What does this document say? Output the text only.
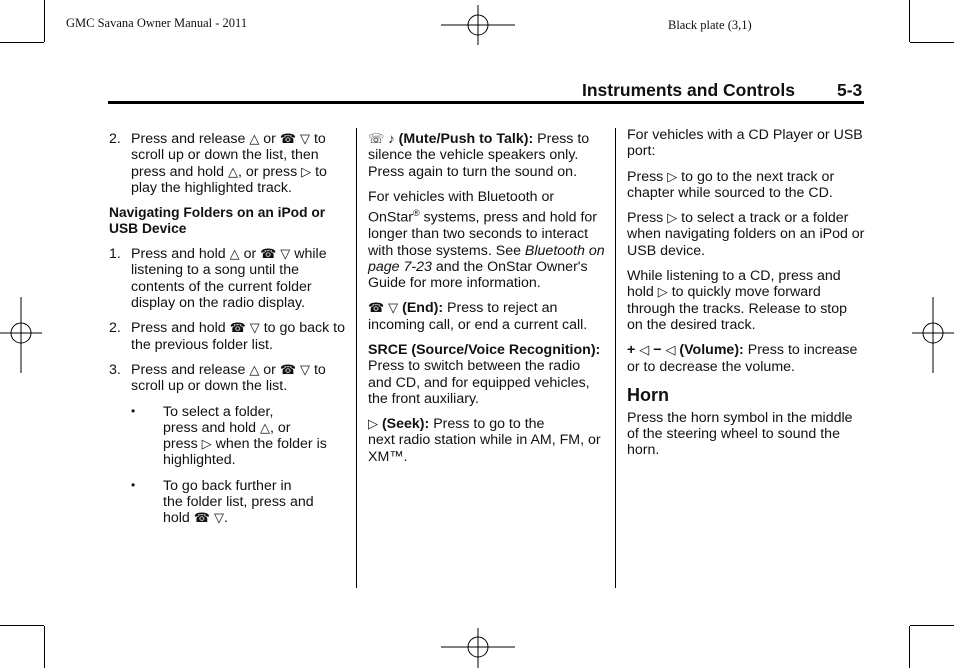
GMC Savana Owner Manual - 2011	Black plate (3,1)
Instruments and Controls 5-3
2. Press and release △ or ☎ ▽ to scroll up or down the list, then press and hold △, or press ▷ to play the highlighted track.
Navigating Folders on an iPod or USB Device
1. Press and hold △ or ☎ ▽ while listening to a song until the contents of the current folder display on the radio display.
2. Press and hold ☎ ▽ to go back to the previous folder list.
3. Press and release △ or ☎ ▽ to scroll up or down the list.
• To select a folder,
press and hold △, or
press ▷ when the folder is
highlighted.
• To go back further in
the folder list, press and
hold ☎ ▽.

☏ ♪ (Mute/Push to Talk): Press to silence the vehicle speakers only. Press again to turn the sound on.

For vehicles with Bluetooth or OnStar® systems, press and hold for longer than two seconds to interact with those systems. See Bluetooth on page 7-23 and the OnStar Owner's Guide for more information.

☎ ▽ (End): Press to reject an incoming call, or end a current call.

SRCE (Source/Voice Recognition): Press to switch between the radio and CD, and for equipped vehicles, the front auxiliary.

▷ (Seek): Press to go to the
next radio station while in AM, FM, or XM™.

For vehicles with a CD Player or USB port:

Press ▷ to go to the next track or
chapter while sourced to the CD.

Press ▷ to select a track or a folder
when navigating folders on an iPod or USB device.

While listening to a CD, press and
hold ▷ to quickly move forward
through the tracks. Release to stop on the desired track.

+ ◁ − ◁ (Volume): Press to increase or to decrease the volume.

Horn

Press the horn symbol in the middle of the steering wheel to sound the horn.
